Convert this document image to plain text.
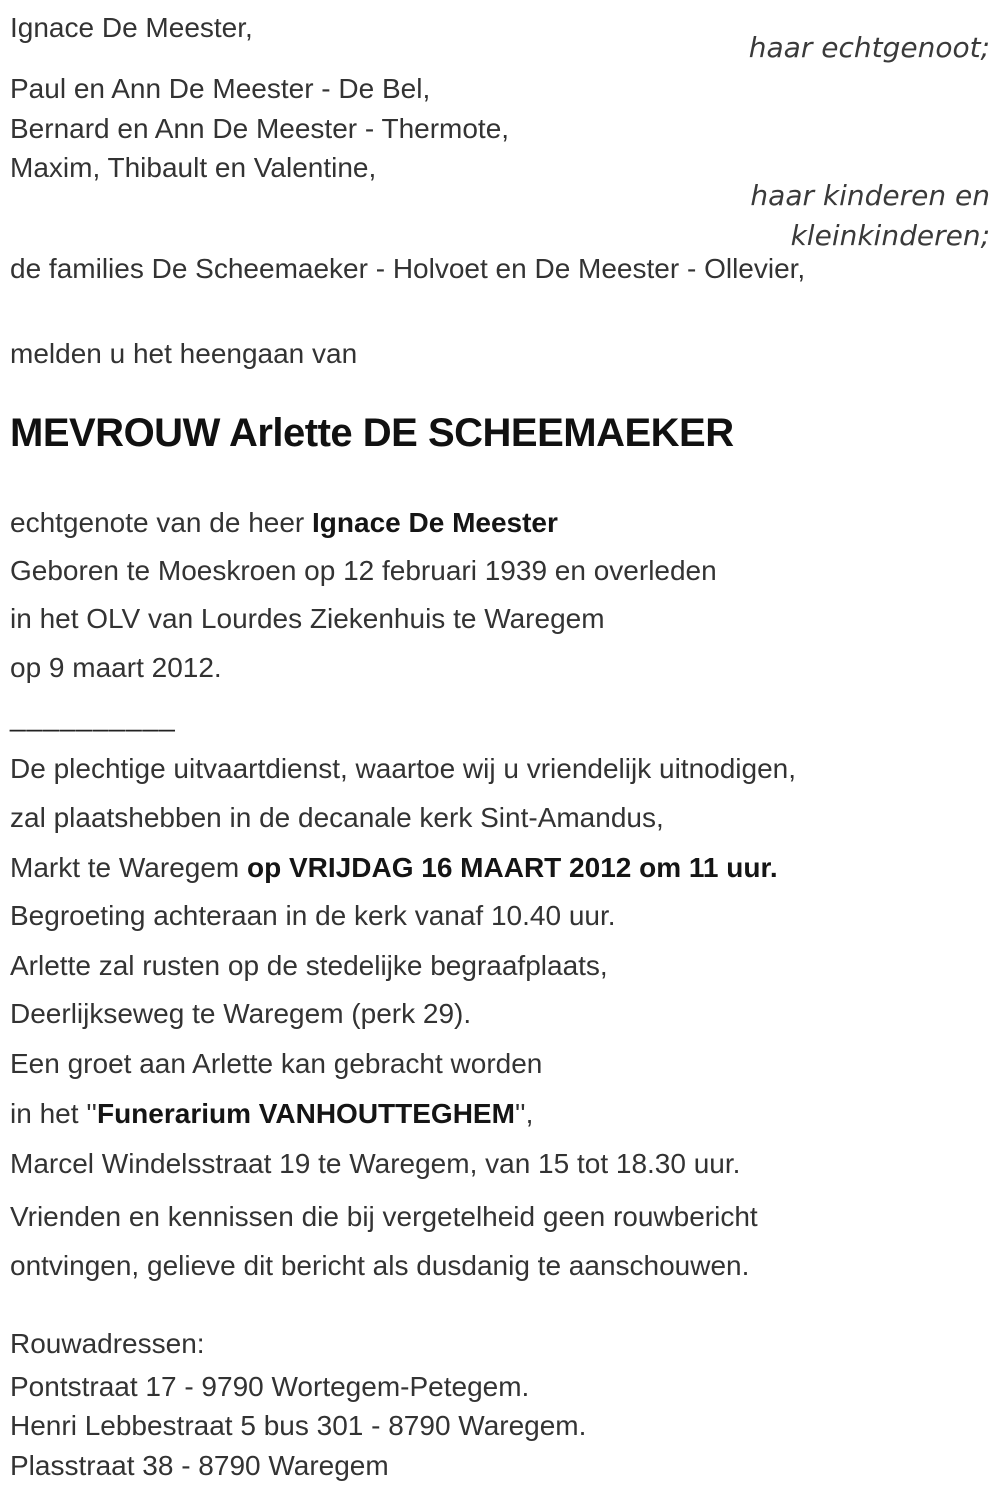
Ignace De Meester,
haar echtgenoot;
Paul en Ann De Meester - De Bel,
Bernard en Ann De Meester - Thermote,
Maxim, Thibault en Valentine,
haar kinderen en
kleinkinderen;
de families De Scheemaeker - Holvoet en De Meester - Ollevier,
melden u het heengaan van
MEVROUW Arlette DE SCHEEMAEKER
echtgenote van de heer Ignace De Meester
Geboren te Moeskroen op 12 februari 1939 en overleden
in het OLV van Lourdes Ziekenhuis te Waregem
op 9 maart 2012.
__________
De plechtige uitvaartdienst, waartoe wij u vriendelijk uitnodigen,
zal plaatshebben in de decanale kerk Sint-Amandus,
Markt te Waregem op VRIJDAG 16 MAART 2012 om 11 uur.
Begroeting achteraan in de kerk vanaf 10.40 uur.
Arlette zal rusten op de stedelijke begraafplaats,
Deerlijkseweg te Waregem (perk 29).
Een groet aan Arlette kan gebracht worden
in het ''Funerarium VANHOUTTEGHEM'',
Marcel Windelsstraat 19 te Waregem, van 15 tot 18.30 uur.
Vrienden en kennissen die bij vergetelheid geen rouwbericht
ontvingen, gelieve dit bericht als dusdanig te aanschouwen.
Rouwadressen:
Pontstraat 17 - 9790 Wortegem-Petegem.
Henri Lebbestraat 5 bus 301 - 8790 Waregem.
Plasstraat 38 - 8790 Waregem
